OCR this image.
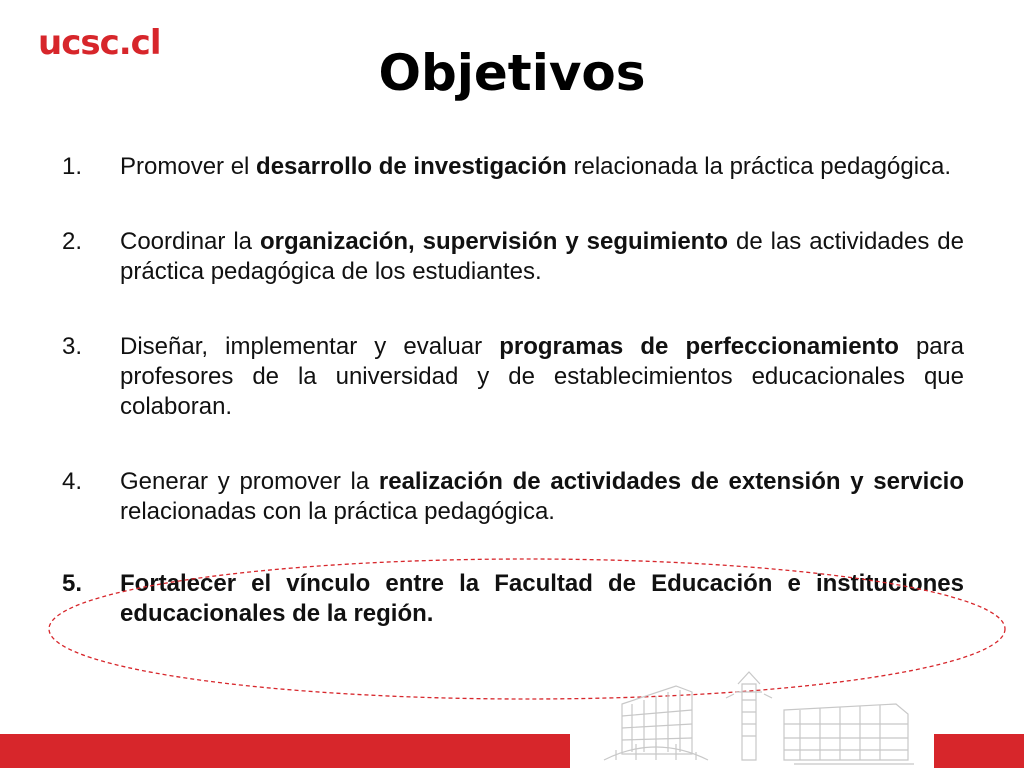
ucsc.cl
Objetivos
1.	Promover el desarrollo de investigación relacionada la práctica pedagógica.
2.	Coordinar la organización, supervisión y seguimiento de las actividades de práctica pedagógica de los estudiantes.
3.	Diseñar, implementar y evaluar programas de perfeccionamiento para profesores de la universidad y de establecimientos educacionales que colaboran.
4.	Generar y promover la realización de actividades de extensión y servicio relacionadas con la práctica pedagógica.
5.	Fortalecer el vínculo entre la Facultad de Educación e instituciones educacionales de la región.
